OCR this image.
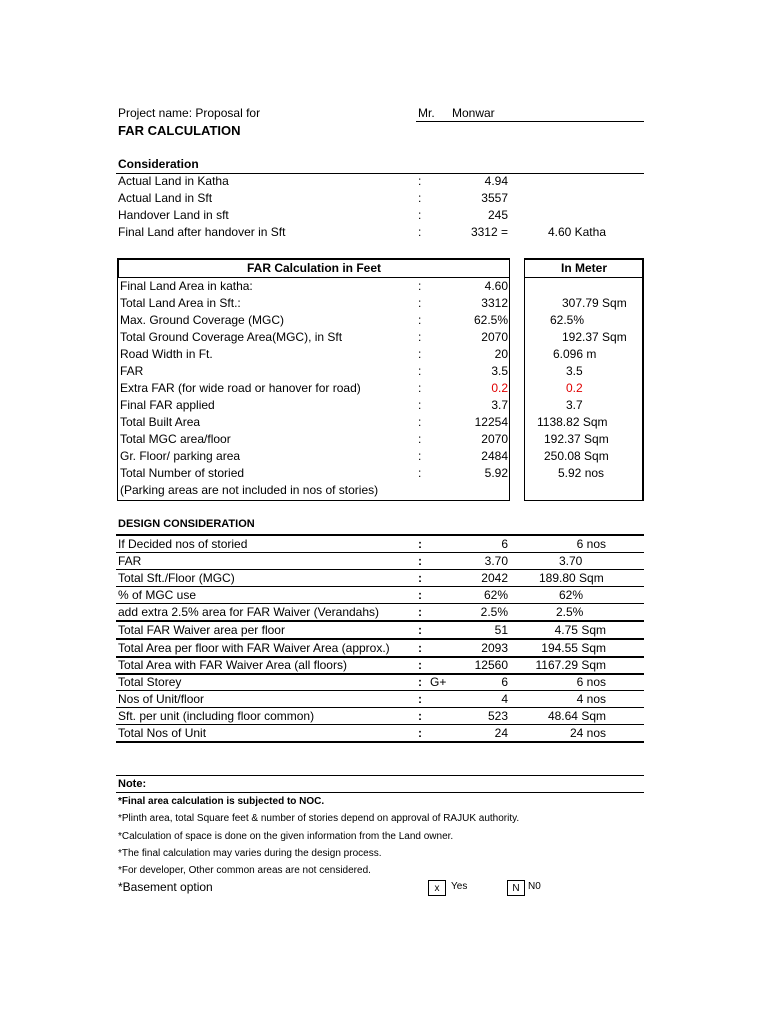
Project name: Proposal for	Mr. Monwar
FAR CALCULATION
Consideration
Actual Land in Katha	:	4.94
Actual Land in Sft	:	3557
Handover Land in sft	:	245
Final Land after handover in Sft	:	3312 =	4.60 Katha
FAR Calculation in Feet	In Meter
Final Land Area in katha:	:	4.60
Total Land Area in Sft.:	:	3312	307.79 Sqm
Max. Ground Coverage (MGC)	:	62.5%	62.5%
Total Ground Coverage Area(MGC), in Sft	:	2070	192.37 Sqm
Road Width in Ft.	:	20	6.096 m
FAR	:	3.5	3.5
Extra FAR (for wide road or hanover for road)	:	0.2	0.2
Final FAR applied	:	3.7	3.7
Total Built Area	:	12254 1138.82 Sqm
Total MGC area/floor	:	2070	192.37 Sqm
Gr. Floor/ parking area	:	2484	250.08 Sqm
Total Number of storied	:	5.92	5.92 nos
(Parking areas are not included in nos of stories)
DESIGN CONSIDERATION
If Decided nos of storied	:	6	6 nos
FAR	:	3.70	3.70
Total Sft./Floor (MGC)	:	2042	189.80 Sqm
% of MGC use	:	62%	62%
add extra 2.5% area for FAR Waiver (Verandahs)	:	2.5%	2.5%
Total FAR Waiver area per floor	:	51	4.75 Sqm
Total Area per floor with FAR Waiver Area (approx.) :	2093	194.55 Sqm
Total Area with FAR Waiver Area (all floors)	:	12560 1167.29 Sqm
Total Storey	: G+	6	6 nos
Nos of Unit/floor	:	4	4 nos
Sft. per unit (including floor common)	:	523	48.64 Sqm
Total Nos of Unit	:	24	24 nos
Note:
*Final area calculation is subjected to NOC.
*Plinth area, total Square feet & number of stories depend on approval of RAJUK authority.
*Calculation of space is done on the given information from the Land owner.
*The final calculation may varies during the design process.
*For developer, Other common areas are not censidered.
*Basement option	x	Yes	N N0
